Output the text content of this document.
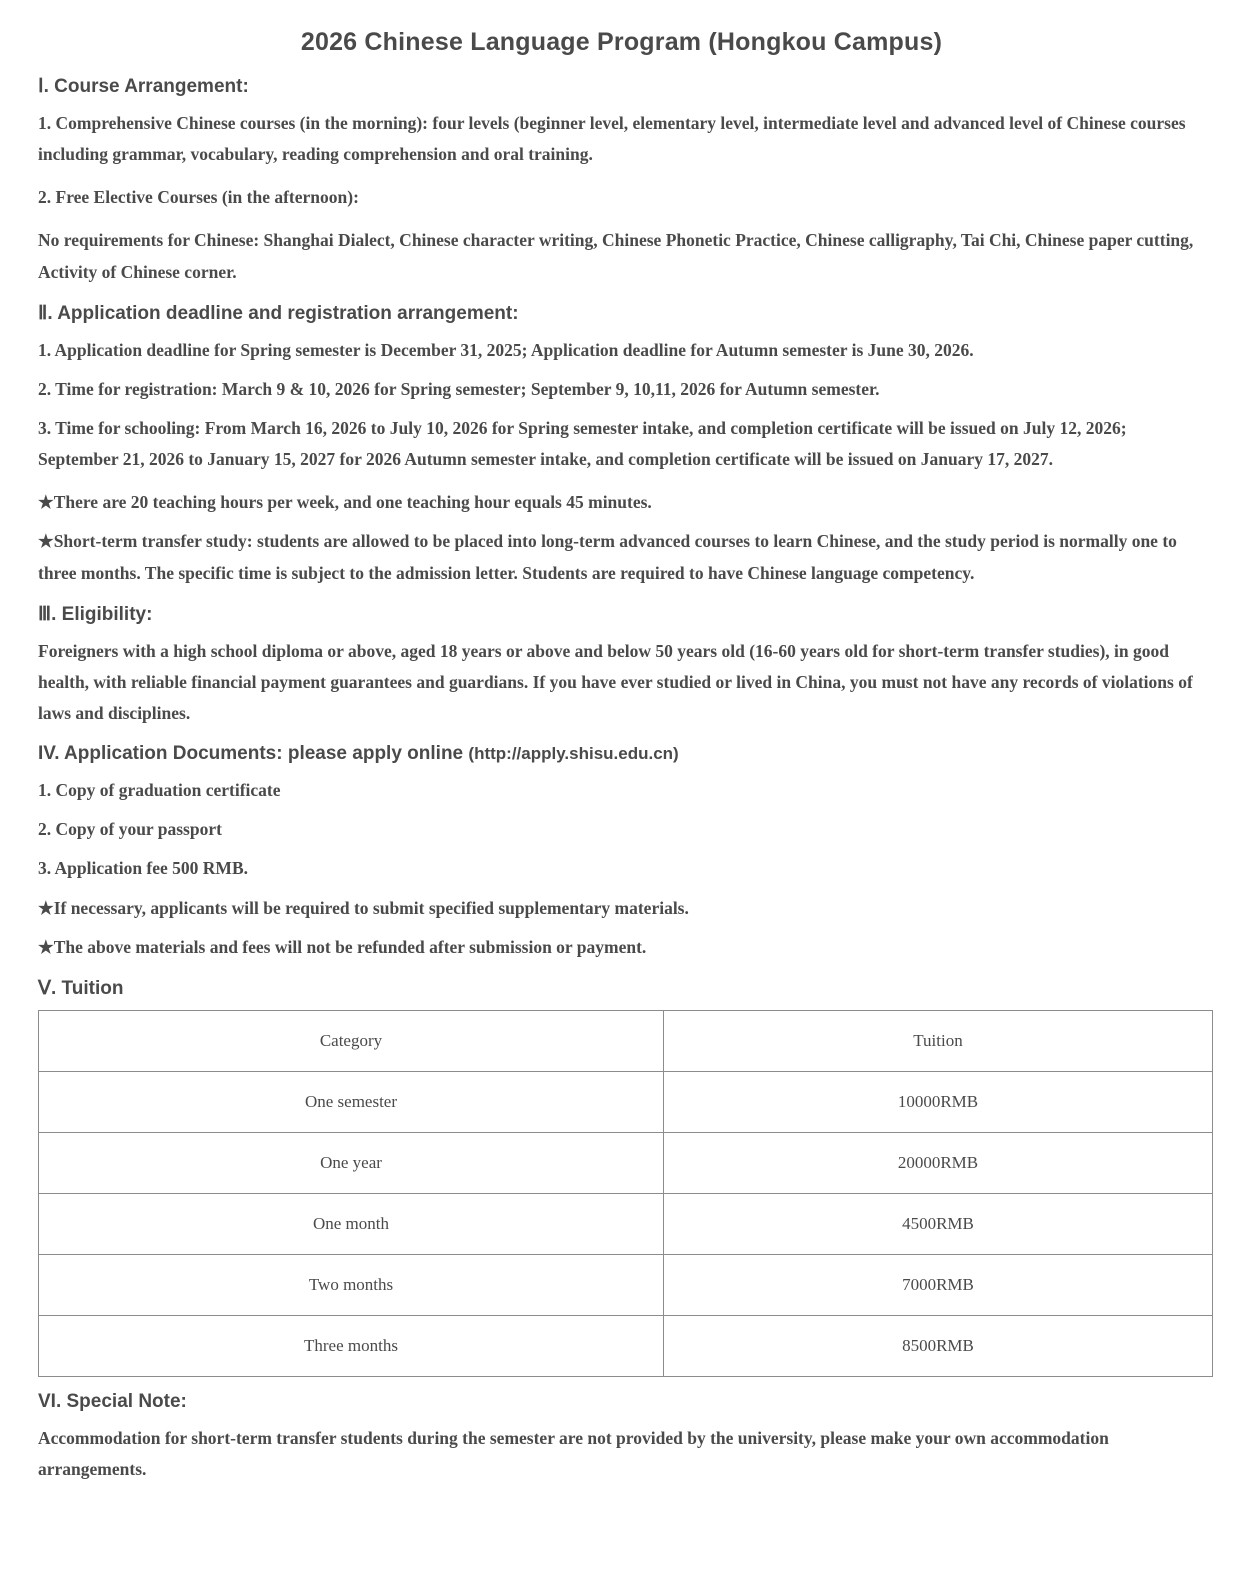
2026 Chinese Language Program (Hongkou Campus)
Ⅰ. Course Arrangement:

1. Comprehensive Chinese courses (in the morning): four levels (beginner level, elementary level, intermediate level and advanced level of Chinese courses including grammar, vocabulary, reading comprehension and oral training.

2. Free Elective Courses (in the afternoon):

No requirements for Chinese: Shanghai Dialect, Chinese character writing, Chinese Phonetic Practice, Chinese calligraphy, Tai Chi, Chinese paper cutting, Activity of Chinese corner.

Ⅱ. Application deadline and registration arrangement:

1. Application deadline for Spring semester is December 31, 2025; Application deadline for Autumn semester is June 30, 2026.

2. Time for registration: March 9 & 10, 2026 for Spring semester; September 9, 10,11, 2026 for Autumn semester.

3. Time for schooling: From March 16, 2026 to July 10, 2026 for Spring semester intake, and completion certificate will be issued on July 12, 2026; September 21, 2026 to January 15, 2027 for 2026 Autumn semester intake, and completion certificate will be issued on January 17, 2027.

★There are 20 teaching hours per week, and one teaching hour equals 45 minutes.

★Short-term transfer study: students are allowed to be placed into long-term advanced courses to learn Chinese, and the study period is normally one to three months. The specific time is subject to the admission letter. Students are required to have Chinese language competency.

Ⅲ. Eligibility:

Foreigners with a high school diploma or above, aged 18 years or above and below 50 years old (16-60 years old for short-term transfer studies), in good health, with reliable financial payment guarantees and guardians. If you have ever studied or lived in China, you must not have any records of violations of laws and disciplines.

IV. Application Documents: please apply online (http://apply.shisu.edu.cn)

1. Copy of graduation certificate

2. Copy of your passport

3. Application fee 500 RMB.

★If necessary, applicants will be required to submit specified supplementary materials.

★The above materials and fees will not be refunded after submission or payment.

Ⅴ. Tuition
Category	Tuition
One semester	10000RMB
One year	20000RMB
One month	4500RMB
Two months	7000RMB
Three months	8500RMB
VI. Special Note:

Accommodation for short-term transfer students during the semester are not provided by the university, please make your own accommodation arrangements.
